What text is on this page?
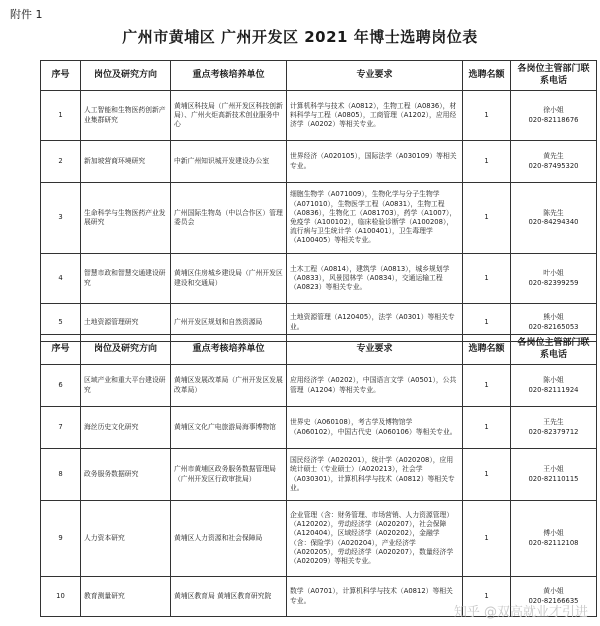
附件 1
广州市黄埔区 广州开发区 2021 年博士选聘岗位表
序号	岗位及研究方向	重点考核培养单位	专业要求	选聘名额	各岗位主管部门联系电话
1	人工智能和生物医药创新产业集群研究	黄埔区科技局（广州开发区科技创新局）、广州火炬高新技术创业服务中心	计算机科学与技术（A0812），生物工程（A0836），材料科学与工程（A0805），工商管理（A1202），应用经济学（A0202）等相关专业。	1	徐小姐
020-82118676

2	新加坡营商环境研究	中新广州知识城开发建设办公室	世界经济（A020105），国际法学（A030109）等相关专业。	1	黄先生
020-87495320

3	生命科学与生物医药产业发展研究	广州国际生物岛（中以合作区）管理委员会	细胞生物学（A071009），生物化学与分子生物学（A071010），生物医学工程（A0831），生物工程（A0836），生物化工（A081703），药学（A1007），免疫学（A100102），临床检验诊断学（A100208），流行病与卫生统计学（A100401），卫生毒理学（A100405）等相关专业。	1	陈先生
020-84294340

4	智慧市政和智慧交通建设研究	黄埔区住房城乡建设局（广州开发区建设和交通局）	土木工程（A0814），建筑学（A0813），城乡规划学（A0833），风景园林学（A0834），交通运输工程（A0823）等相关专业。	1	叶小姐
020-82399259

5	土地资源管理研究	广州开发区规划和自然资源局	土地资源管理（A120405），法学（A0301）等相关专业。	1	熊小姐
020-82165053
序号	岗位及研究方向	重点考核培养单位	专业要求	选聘名额	各岗位主管部门联系电话
6	区域产业和重大平台建设研究	黄埔区发展改革局（广州开发区发展改革局）	应用经济学（A0202），中国语言文学（A0501），公共管理（A1204）等相关专业。	1	陈小姐
020-82111924

7	海丝历史文化研究	黄埔区文化广电旅游局海事博物馆	世界史（A060108），考古学及博物馆学（A060102），中国古代史（A060106）等相关专业。	1	王先生
020-82379712

8	政务服务数据研究	广州市黄埔区政务服务数据管理局（广州开发区行政审批局）	国民经济学（A020201），统计学（A020208），应用统计硕士（专业硕士）（A020213），社会学（A030301），计算机科学与技术（A0812）等相关专业。	1	王小姐
020-82110115

9	人力资本研究	黄埔区人力资源和社会保障局	企业管理（含：财务管理、市场营销、人力资源管理）（A120202），劳动经济学（A020207），社会保障（A120404），区域经济学（A020202），金融学（含：保险学）（A020204），产业经济学（A020205），劳动经济学（A020207），数量经济学（A020209）等相关专业。	1	傅小姐
020-82112108

10	教育测量研究	黄埔区教育局 黄埔区教育研究院	数学（A0701），计算机科学与技术（A0812）等相关专业。	1	黄小姐
020-82166635
知乎 @双高就业才引进
